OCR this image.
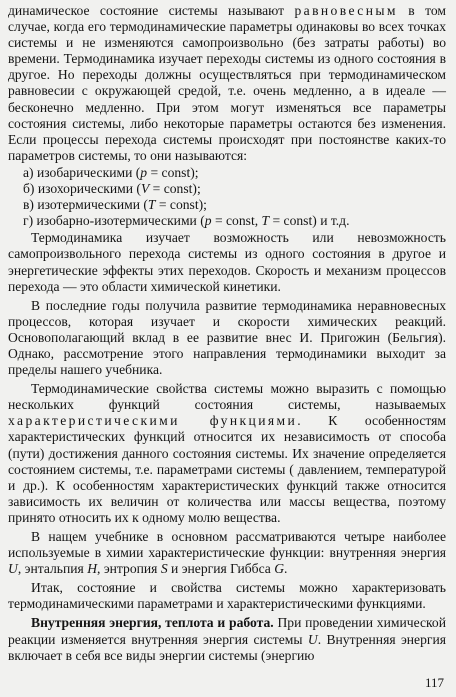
динамическое состояние системы называют равновесным в том случае, когда его термодинамические параметры одинаковы во всех точках системы и не изменяются самопроизвольно (без затраты работы) во времени. Термодинамика изучает переходы системы из одного состояния в другое. Но переходы должны осуществляться при термодинамическом равновесии с окружающей средой, т.е. очень медленно, а в идеале — бесконечно медленно. При этом могут изменяться все параметры состояния системы, либо некоторые параметры остаются без изменения. Если процессы перехода системы происходят при постоянстве каких-то параметров системы, то они называются:

а) изобарическими (p = const);

б) изохорическими (V = const);

в) изотермическими (T = const);

г) изобарно-изотермическими (p = const, T = const) и т.д.

Термодинамика изучает возможность или невозможность самопроизвольного перехода системы из одного состояния в другое и энергетические эффекты этих переходов. Скорость и механизм процессов перехода — это области химической кинетики.

В последние годы получила развитие термодинамика неравновесных процессов, которая изучает и скорости химических реакций. Основополагающий вклад в ее развитие внес И. Пригожин (Бельгия). Однако, рассмотрение этого направления термодинамики выходит за пределы нашего учебника.

Термодинамические свойства системы можно выразить с помощью нескольких функций состояния системы, называемых характеристическими функциями. К особенностям характеристических функций относится их независимость от способа (пути) достижения данного состояния системы. Их значение определяется состоянием системы, т.е. параметрами системы ( давлением, температурой и др.). К особенностям характеристических функций также относится зависимость их величин от количества или массы вещества, поэтому принято относить их к одному молю вещества.

В нащем учебнике в основном рассматриваются четыре наиболее используемые в химии характеристические функции: внутренняя энергия U, энтальпия H, энтропия S и энергия Гиббса G.

Итак, состояние и свойства системы можно характеризовать термодинамическими параметрами и характеристическими функциями.

Внутренняя энергия, теплота и работа. При проведении химической реакции изменяется внутренняя энергия системы U. Внутренняя энергия включает в себя все виды энергии системы (энергию

117
